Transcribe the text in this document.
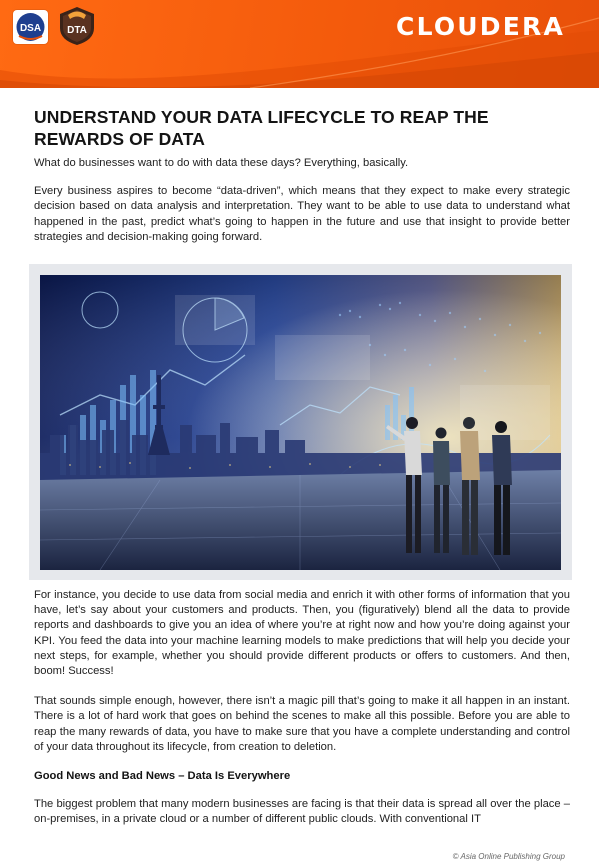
DSA	DTA	CLOUDERA
UNDERSTAND YOUR DATA LIFECYCLE TO REAP THE REWARDS OF DATA

What do businesses want to do with data these days? Everything, basically.

Every business aspires to become “data-driven”, which means that they expect to make every strategic decision based on data analysis and interpretation. They want to be able to use data to understand what happened in the past, predict what’s going to happen in the future and use that insight to provide better strategies and decision-making going forward.

For instance, you decide to use data from social media and enrich it with other forms of information that you have, let’s say about your customers and products. Then, you (figuratively) blend all the data to provide reports and dashboards to give you an idea of where you’re at right now and how you’re doing against your KPI. You feed the data into your machine learning models to make predictions that will help you decide your next steps, for example, whether you should provide different products or offers to customers. And then, boom! Success!

That sounds simple enough, however, there isn’t a magic pill that’s going to make it all happen in an instant. There is a lot of hard work that goes on behind the scenes to make all this possible. Before you are able to reap the many rewards of data, you have to make sure that you have a complete understanding and control of your data throughout its lifecycle, from creation to deletion.

Good News and Bad News – Data Is Everywhere

The biggest problem that many modern businesses are facing is that their data is spread all over the place – on-premises, in a private cloud or a number of different public clouds. With conventional IT

© Asia Online Publishing Group
